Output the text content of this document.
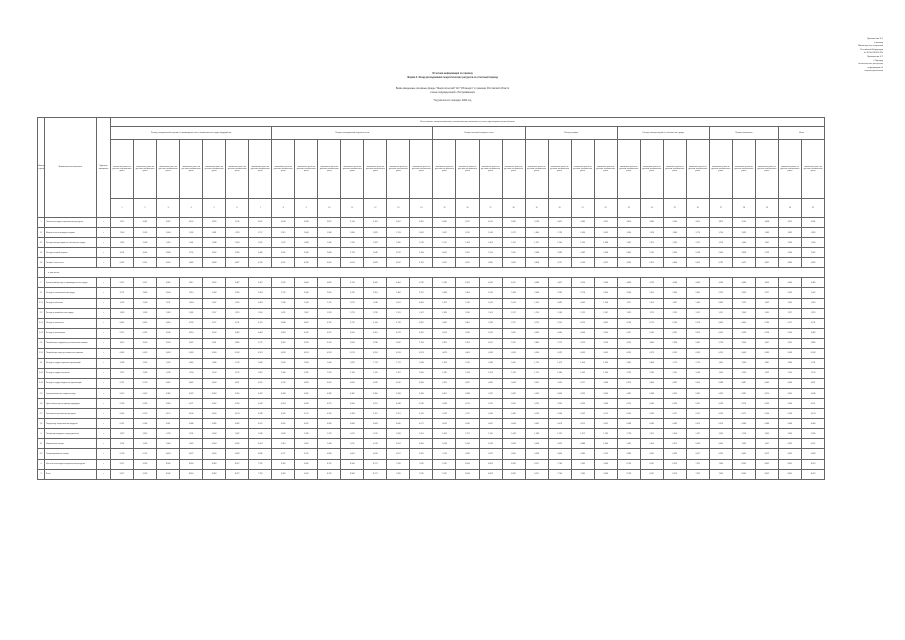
Приложение N 1
к приказу
Министерства энергетики
Российской Федерации
от 30.06.2003 N 281
Приложение N 2
к Порядку
обязательного раскрытия
информации об
энергопотреблении
Отчетная информация по приказу
Форма 2. Фонд расходования энергетических ресурсов за отчетный период
Вновь введенные основные фонды "Энергетический" АО "Облэнерго" в границах Ростовской области
и иных подразделений, обслуживающих
Год расчетного периода: 2000 год
Номер строки	Наименование показателя	Единица измерения	Все основные электротехнические и технологические показатели по сетям, подстанциям и иным объектам																														
			Расход электрической энергии на производственные и хозяйственные нужды предприятия							Потери электрической энергии в сетях							Потери тепловой энергии в сетях				Расход топлива				Расход электроэнергии на собственные нужды				Прочие показатели			Итого	
			показатель учета по данным технического учета	показатель учета по данным технического учета	показатель учета по данным технического учета	показатель учета по данным технического учета	показатель учета по данным технического учета	показатель учета по данным технического учета	показатель учета по данным технического учета	показатель учета по данным технического учета	показатель учета по данным технического учета	показатель учета по данным технического учета	показатель учета по данным технического учета	показатель учета по данным технического учета	показатель учета по данным технического учета	показатель учета по данным технического учета	показатель учета по данным технического учета	показатель учета по данным технического учета	показатель учета по данным технического учета	показатель учета по данным технического учета	показатель учета по данным технического учета	показатель учета по данным технического учета	показатель учета по данным технического учета	показатель учета по данным технического учета	показатель учета по данным технического учета	показатель учета по данным технического учета	показатель учета по данным технического учета	показатель учета по данным технического учета	показатель учета по данным технического учета	показатель учета по данным технического учета	показатель учета по данным технического учета	показатель учета по данным технического учета	показатель учета по данным технического учета
			1	2	3	4	5	6	7	8	9	10	11	12	13	14	15	16	17	18	19	20	21	22	23	24	25	26	27	28	29	30	31
1	Объём всех видов энергетических ресурсов	т	4,215	4,087	3,952	4,118	3,876	3,745	3,612	4,033	3,998	3,871	3,744	4,102	3,967	3,822	3,690	3,557	4,015	3,881	3,748	3,612	3,480	3,947	3,814	3,682	3,549	3,415	3,873	3,740	3,608	3,475	3,341
1.1	Мощность по всем видам энергии	т	2,148	2,076	2,004	1,932	1,861	1,789	1,717	2,112	2,040	1,968	1,896	1,825	1,753	1,681	2,087	2,015	1,943	1,872	1,800	1,728	1,656	2,061	1,990	1,918	1,846	1,774	1,703	2,035	1,963	1,892	1,820
1.2	Расход электроэнергии на собственные нужды	т	1,562	1,508	1,455	1,401	1,348	1,294	1,241	1,537	1,483	1,430	1,376	1,323	1,269	1,216	1,511	1,458	1,404	1,351	1,297	1,244	1,190	1,486	1,432	1,379	1,325	1,272	1,218	1,460	1,407	1,353	1,300
1.3	Расход тепловой энергии	т	3,104	3,001	2,898	2,795	2,692	2,589	2,486	3,052	2,949	2,846	2,743	2,640	2,537	2,434	3,000	2,897	2,794	2,691	2,588	2,485	2,382	2,948	2,845	2,742	2,639	2,536	2,433	2,896	2,793	2,690	2,587
1.4	Потери в сетях всего	т	0,982	0,951	0,920	0,889	0,858	0,827	0,796	0,967	0,936	0,905	0,874	0,843	0,812	0,781	0,952	0,921	0,890	0,859	0,828	0,797	0,766	0,937	0,906	0,875	0,844	0,813	0,782	0,922	0,891	0,860	0,829
	в том числе:																																
2	Фактический расход на производственные нужды	т	5,312	5,147	4,982	4,817	4,652	4,487	4,322	5,229	5,064	4,899	4,734	4,569	4,404	4,239	5,146	4,981	4,816	4,651	4,486	4,321	4,156	5,063	4,898	4,733	4,568	4,403	4,238	4,980	4,815	4,650	4,485
2.1	Расход на технологические нужды	т	2,774	2,689	2,604	2,519	2,434	2,349	2,264	2,731	2,646	2,561	2,476	2,391	2,306	2,221	2,688	2,603	2,518	2,433	2,348	2,263	2,178	2,645	2,560	2,475	2,390	2,305	2,220	2,602	2,517	2,432	2,347
2.1.1	Расход по объектам	т	1,205	1,168	1,131	1,094	1,057	1,020	0,983	1,186	1,149	1,112	1,075	1,038	1,001	0,964	1,167	1,130	1,093	1,056	1,019	0,982	0,945	1,148	1,111	1,074	1,037	1,000	0,963	1,129	1,092	1,055	1,018
2.2	Расход на хозяйственные нужды	т	1,433	1,389	1,345	1,301	1,257	1,213	1,169	1,411	1,367	1,323	1,279	1,235	1,191	1,147	1,389	1,345	1,301	1,257	1,213	1,169	1,125	1,367	1,323	1,279	1,235	1,191	1,147	1,345	1,301	1,257	1,213
2.2.1	Расход на отопление	т	0,861	0,835	0,809	0,783	0,757	0,731	0,705	0,848	0,822	0,796	0,770	0,744	0,718	0,692	0,835	0,809	0,783	0,757	0,731	0,705	0,679	0,822	0,796	0,770	0,744	0,718	0,692	0,809	0,783	0,757	0,731
2.2.2	Расход на вентиляцию	т	0,572	0,554	0,536	0,518	0,500	0,482	0,464	0,563	0,545	0,527	0,509	0,491	0,473	0,455	0,554	0,536	0,518	0,500	0,482	0,464	0,446	0,545	0,527	0,509	0,491	0,473	0,455	0,536	0,518	0,500	0,482
2.3	Потребление в пределах установленных лимитов	т	3,415	3,309	3,203	3,097	2,991	2,885	2,779	3,362	3,256	3,150	3,044	2,938	2,832	2,726	3,309	3,203	3,097	2,991	2,885	2,779	2,673	3,256	3,150	3,044	2,938	2,832	2,726	3,203	3,097	2,991	2,885
2.3.1	Потребление сверх установленных лимитов	т	0,643	0,623	0,603	0,583	0,563	0,543	0,523	0,633	0,613	0,593	0,573	0,553	0,533	0,513	0,623	0,603	0,583	0,563	0,543	0,523	0,503	0,613	0,593	0,573	0,553	0,533	0,513	0,603	0,583	0,563	0,543
2.4	Расход на нужды сторонних организаций	т	2,058	1,995	1,932	1,869	1,806	1,743	1,680	2,026	1,963	1,900	1,837	1,774	1,711	1,648	1,994	1,931	1,868	1,805	1,742	1,679	1,616	1,962	1,899	1,836	1,773	1,710	1,647	1,930	1,867	1,804	1,741
2.4.1	Расход на нужды населения	т	1,327	1,286	1,245	1,204	1,163	1,122	1,081	1,306	1,265	1,224	1,183	1,142	1,101	1,060	1,285	1,244	1,203	1,162	1,121	1,080	1,039	1,264	1,223	1,182	1,141	1,100	1,059	1,243	1,202	1,161	1,120
2.4.2	Расход на нужды бюджетных организаций	т	0,731	0,709	0,687	0,665	0,643	0,621	0,599	0,720	0,698	0,676	0,654	0,632	0,610	0,588	0,709	0,687	0,665	0,643	0,621	0,599	0,577	0,698	0,676	0,654	0,632	0,610	0,588	0,687	0,665	0,643	0,621
2.5	Средневзвешенная норма расхода	т	0,415	0,402	0,389	0,376	0,363	0,350	0,337	0,408	0,395	0,382	0,369	0,356	0,343	0,330	0,401	0,388	0,375	0,362	0,349	0,336	0,323	0,394	0,381	0,368	0,355	0,342	0,329	0,387	0,374	0,361	0,348
2.6	Удельный расход на единицу продукции	т	0,298	0,289	0,280	0,271	0,262	0,253	0,244	0,293	0,284	0,275	0,266	0,257	0,248	0,239	0,288	0,279	0,270	0,261	0,252	0,243	0,234	0,283	0,274	0,265	0,256	0,247	0,238	0,278	0,269	0,260	0,251
2.7	Экономия энергетических ресурсов	т	0,184	0,178	0,172	0,166	0,160	0,154	0,148	0,181	0,175	0,169	0,163	0,157	0,151	0,145	0,178	0,172	0,166	0,160	0,154	0,148	0,142	0,175	0,169	0,163	0,157	0,151	0,145	0,172	0,166	0,160	0,154
2.8	Перерасход энергетических ресурсов	т	0,097	0,094	0,091	0,088	0,085	0,082	0,079	0,095	0,092	0,089	0,086	0,083	0,080	0,077	0,093	0,090	0,087	0,084	0,081	0,078	0,075	0,091	0,088	0,085	0,082	0,079	0,076	0,089	0,086	0,083	0,080
3	Потери при передаче и распределении	т	1,872	1,815	1,758	1,701	1,644	1,587	1,530	1,843	1,786	1,729	1,672	1,615	1,558	1,501	1,814	1,757	1,700	1,643	1,586	1,529	1,472	1,785	1,728	1,671	1,614	1,557	1,500	1,756	1,699	1,642	1,585
3.1	Нормативные потери	т	1,134	1,099	1,064	1,029	0,994	0,959	0,924	1,116	1,081	1,046	1,011	0,976	0,941	0,906	1,098	1,063	1,028	0,993	0,958	0,923	0,888	1,080	1,045	1,010	0,975	0,940	0,905	1,062	1,027	0,992	0,957
3.2	Сверхнормативные потери	т	0,738	0,716	0,694	0,672	0,650	0,628	0,606	0,727	0,705	0,683	0,661	0,639	0,617	0,595	0,716	0,694	0,672	0,650	0,628	0,606	0,584	0,705	0,683	0,661	0,639	0,617	0,595	0,694	0,672	0,650	0,628
4	Итого по всем видам энергетических ресурсов	т	9,527	9,236	8,945	8,654	8,363	8,072	7,781	9,381	9,090	8,799	8,508	8,217	7,926	7,635	9,235	8,944	8,653	8,362	8,071	7,780	7,489	9,089	8,798	8,507	8,216	7,925	7,634	8,943	8,652	8,361	8,070
5	Всего	т	9,527	9,236	8,945	8,654	8,363	8,072	7,781	9,381	9,090	8,799	8,508	8,217	7,926	7,635	9,235	8,944	8,653	8,362	8,071	7,780	7,489	9,089	8,798	8,507	8,216	7,925	7,634	8,943	8,652	8,361	8,070
